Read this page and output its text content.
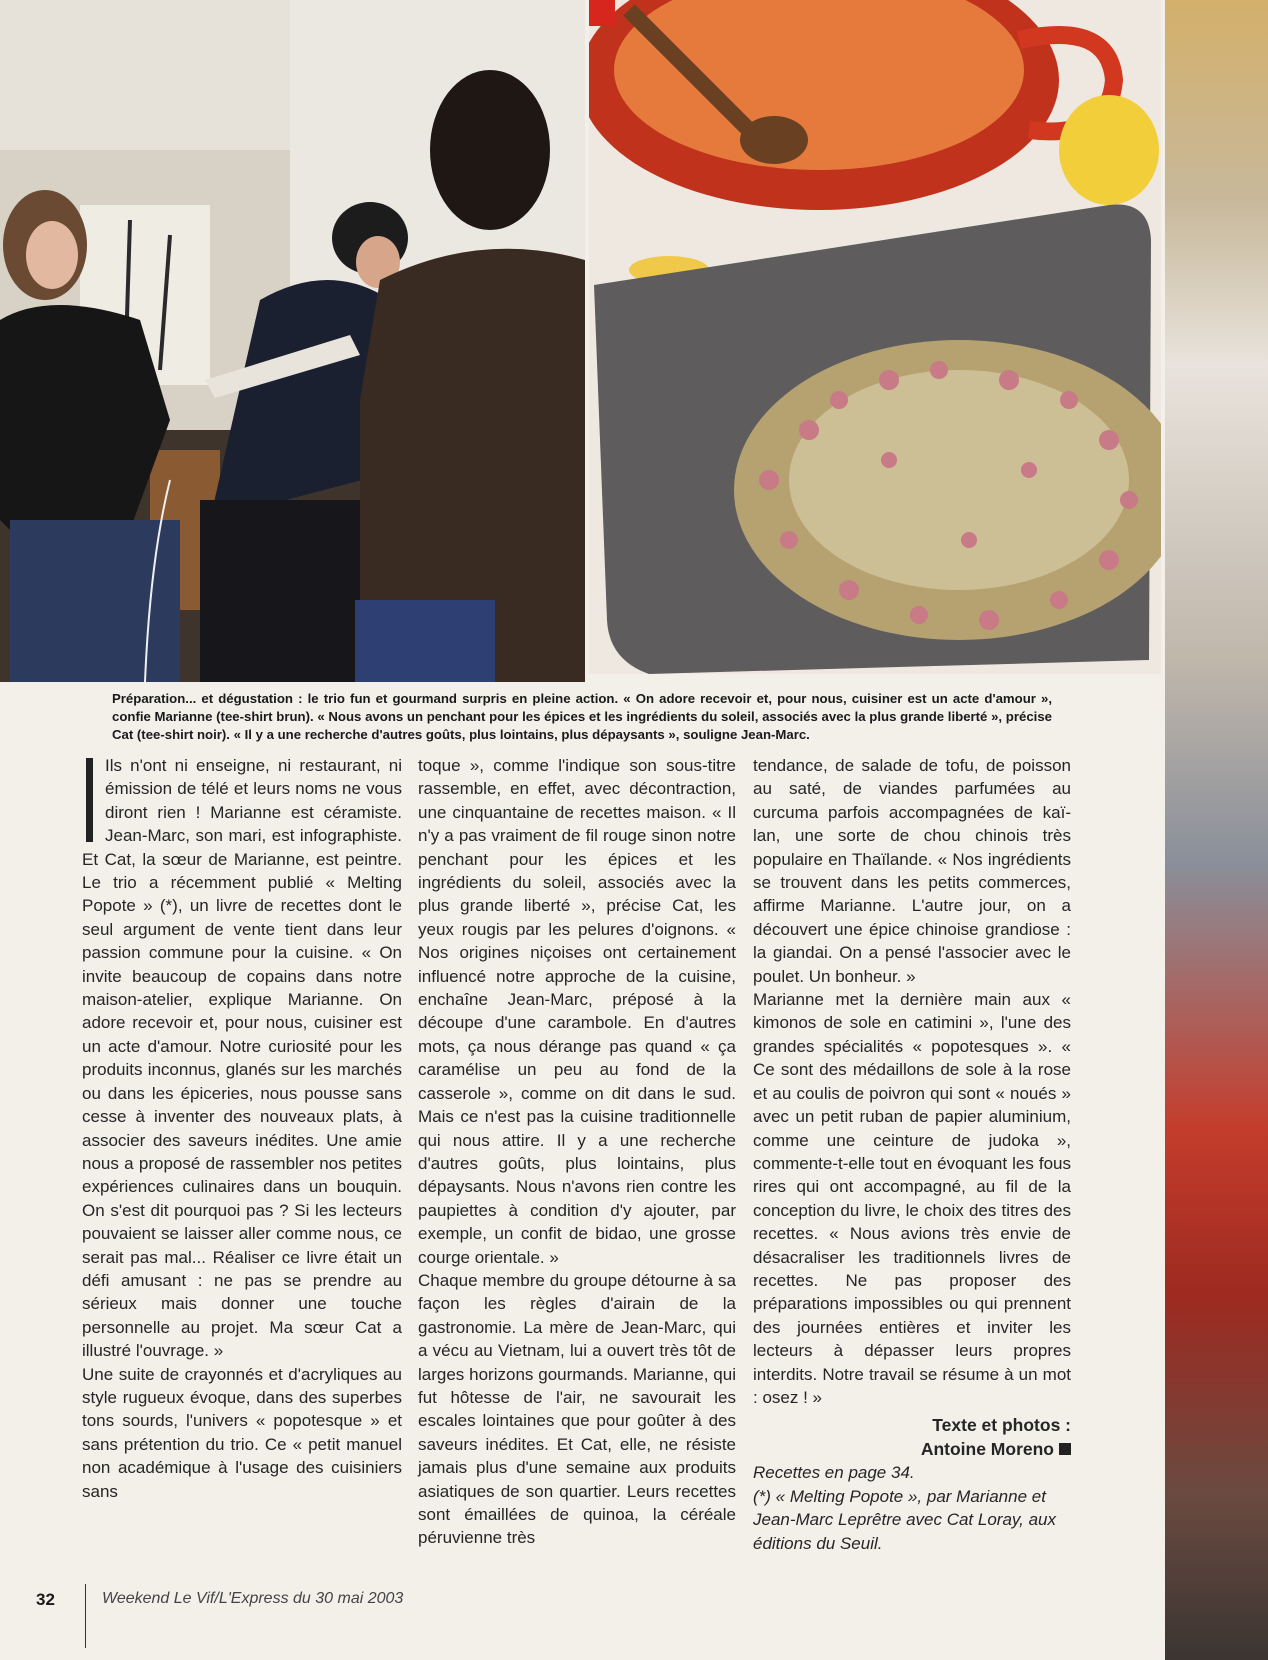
Préparation... et dégustation : le trio fun et gourmand surpris en pleine action. « On adore recevoir et, pour nous, cuisiner est un acte d'amour », confie Marianne (tee-shirt brun). « Nous avons un penchant pour les épices et les ingrédients du soleil, associés avec la plus grande liberté », précise Cat (tee-shirt noir). « Il y a une recherche d'autres goûts, plus lointains, plus dépaysants », souligne Jean-Marc.

Ils n'ont ni enseigne, ni restaurant, ni émission de télé et leurs noms ne vous diront rien ! Marianne est céramiste. Jean-Marc, son mari, est infographiste. Et Cat, la sœur de Marianne, est peintre. Le trio a récemment publié « Melting Popote » (*), un livre de recettes dont le seul argument de vente tient dans leur passion commune pour la cuisine. « On invite beaucoup de copains dans notre maison-atelier, explique Marianne. On adore recevoir et, pour nous, cuisiner est un acte d'amour. Notre curiosité pour les produits inconnus, glanés sur les marchés ou dans les épiceries, nous pousse sans cesse à inventer des nouveaux plats, à associer des saveurs inédites. Une amie nous a proposé de rassembler nos petites expériences culinaires dans un bouquin. On s'est dit pourquoi pas ? Si les lecteurs pouvaient se laisser aller comme nous, ce serait pas mal... Réaliser ce livre était un défi amusant : ne pas se prendre au sérieux mais donner une touche personnelle au projet. Ma sœur Cat a illustré l'ouvrage. »

Une suite de crayonnés et d'acryliques au style rugueux évoque, dans des superbes tons sourds, l'univers « popotesque » et sans prétention du trio. Ce « petit manuel non académique à l'usage des cuisiniers sans

toque », comme l'indique son sous-titre rassemble, en effet, avec décontraction, une cinquantaine de recettes maison. « Il n'y a pas vraiment de fil rouge sinon notre penchant pour les épices et les ingrédients du soleil, associés avec la plus grande liberté », précise Cat, les yeux rougis par les pelures d'oignons. « Nos origines niçoises ont certainement influencé notre approche de la cuisine, enchaîne Jean-Marc, préposé à la découpe d'une carambole. En d'autres mots, ça nous dérange pas quand « ça caramélise un peu au fond de la casserole », comme on dit dans le sud. Mais ce n'est pas la cuisine traditionnelle qui nous attire. Il y a une recherche d'autres goûts, plus lointains, plus dépaysants. Nous n'avons rien contre les paupiettes à condition d'y ajouter, par exemple, un confit de bidao, une grosse courge orientale. »

Chaque membre du groupe détourne à sa façon les règles d'airain de la gastronomie. La mère de Jean-Marc, qui a vécu au Vietnam, lui a ouvert très tôt de larges horizons gourmands. Marianne, qui fut hôtesse de l'air, ne savourait les escales lointaines que pour goûter à des saveurs inédites. Et Cat, elle, ne résiste jamais plus d'une semaine aux produits asiatiques de son quartier. Leurs recettes sont émaillées de quinoa, la céréale péruvienne très

tendance, de salade de tofu, de poisson au saté, de viandes parfumées au curcuma parfois accompagnées de kaï-lan, une sorte de chou chinois très populaire en Thaïlande. « Nos ingrédients se trouvent dans les petits commerces, affirme Marianne. L'autre jour, on a découvert une épice chinoise grandiose : la giandai. On a pensé l'associer avec le poulet. Un bonheur. »

Marianne met la dernière main aux « kimonos de sole en catimini », l'une des grandes spécialités « popotesques ». « Ce sont des médaillons de sole à la rose et au coulis de poivron qui sont « noués » avec un petit ruban de papier aluminium, comme une ceinture de judoka », commente-t-elle tout en évoquant les fous rires qui ont accompagné, au fil de la conception du livre, le choix des titres des recettes. « Nous avions très envie de désacraliser les traditionnels livres de recettes. Ne pas proposer des préparations impossibles ou qui prennent des journées entières et inviter les lecteurs à dépasser leurs propres interdits. Notre travail se résume à un mot : osez ! »

Texte et photos :
Antoine Moreno

Recettes en page 34.

(*) « Melting Popote », par Marianne et Jean-Marc Leprêtre avec Cat Loray, aux éditions du Seuil.

32	Weekend Le Vif/L'Express du 30 mai 2003
